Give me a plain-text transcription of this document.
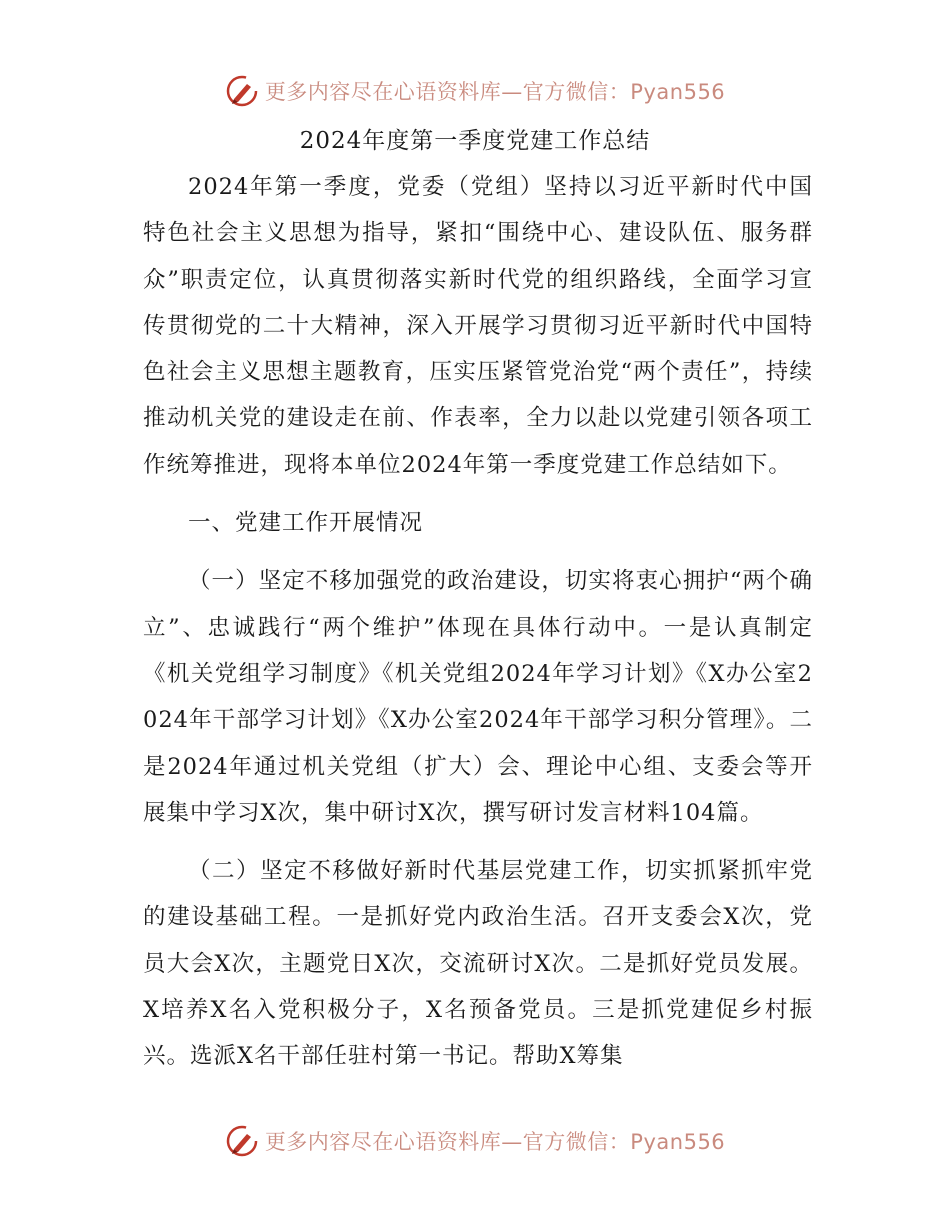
更多内容尽在心语资料库—官方微信：Pyan556
2024年度第一季度党建工作总结

2024年第一季度，党委（党组）坚持以习近平新时代中国特色社会主义思想为指导，紧扣“围绕中心、建设队伍、服务群众”职责定位，认真贯彻落实新时代党的组织路线，全面学习宣传贯彻党的二十大精神，深入开展学习贯彻习近平新时代中国特色社会主义思想主题教育，压实压紧管党治党“两个责任”，持续推动机关党的建设走在前、作表率，全力以赴以党建引领各项工作统筹推进，现将本单位2024年第一季度党建工作总结如下。

一、党建工作开展情况

（一）坚定不移加强党的政治建设，切实将衷心拥护“两个确立”、忠诚践行“两个维护”体现在具体行动中。一是认真制定《机关党组学习制度》《机关党组2024年学习计划》《X办公室2024年干部学习计划》《X办公室2024年干部学习积分管理》。二是2024年通过机关党组（扩大）会、理论中心组、支委会等开展集中学习X次，集中研讨X次，撰写研讨发言材料104篇。

（二）坚定不移做好新时代基层党建工作，切实抓紧抓牢党的建设基础工程。一是抓好党内政治生活。召开支委会X次，党员大会X次，主题党日X次，交流研讨X次。二是抓好党员发展。X培养X名入党积极分子，X名预备党员。三是抓党建促乡村振兴。选派X名干部任驻村第一书记。帮助X筹集

更多内容尽在心语资料库—官方微信：Pyan556
